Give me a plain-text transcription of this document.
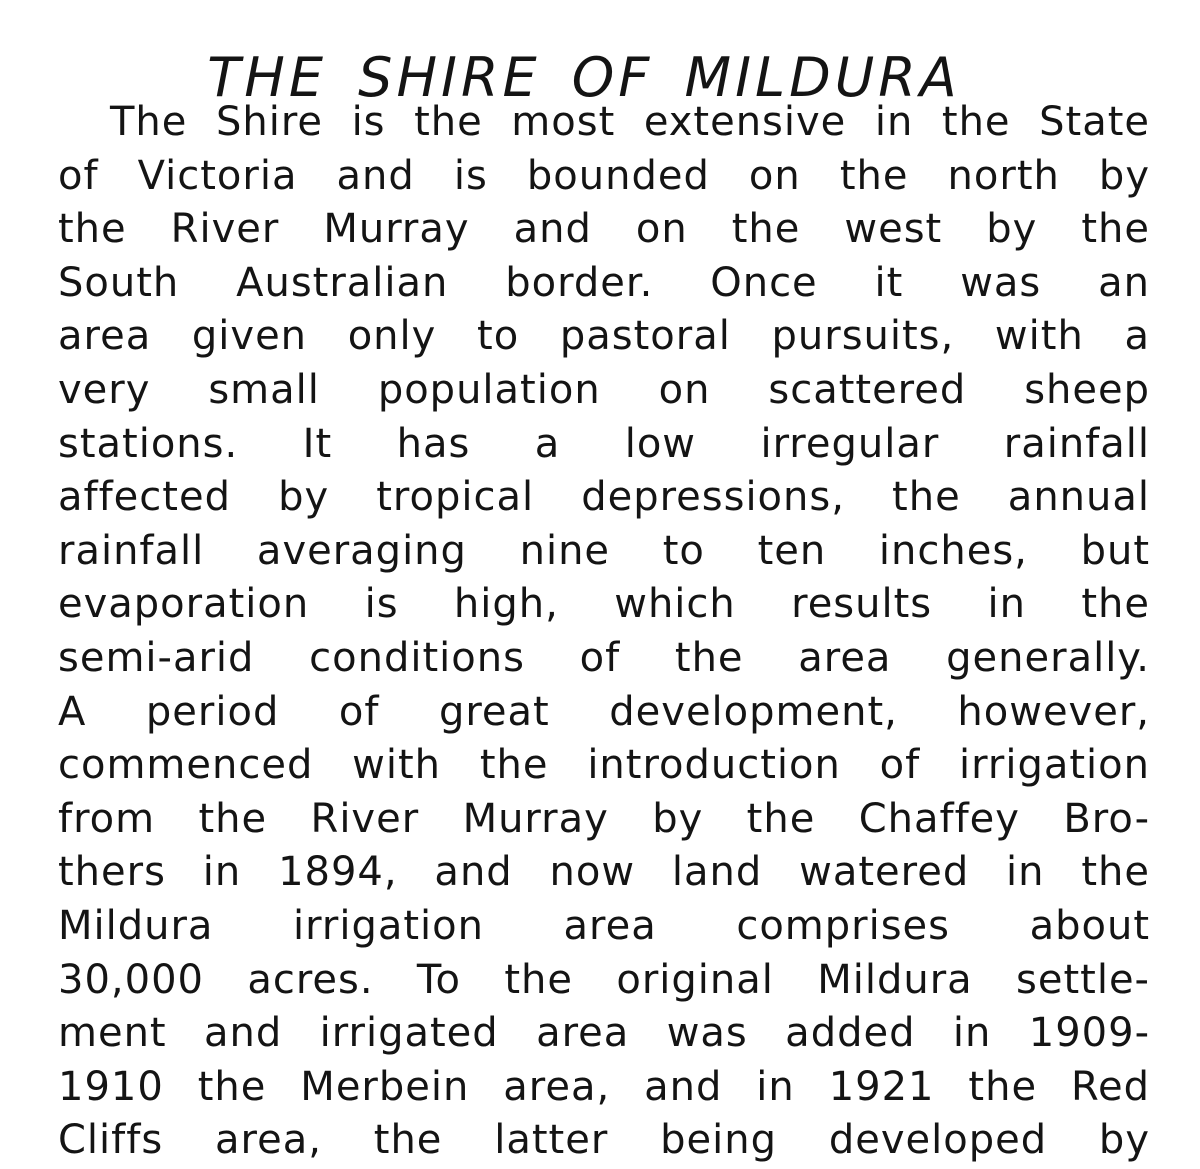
THE SHIRE OF MILDURA
The Shire is the most extensive in the State
of Victoria and is bounded on the north by
the River Murray and on the west by the
South Australian border. Once it was an
area given only to pastoral pursuits, with a
very small population on scattered sheep
stations. It has a low irregular rainfall
affected by tropical depressions, the annual
rainfall averaging nine to ten inches, but
evaporation is high, which results in the
semi-arid conditions of the area generally.
A period of great development, however,
commenced with the introduction of irrigation
from the River Murray by the Chaffey Bro-
thers in 1894, and now land watered in the
Mildura irrigation area comprises about
30,000 acres. To the original Mildura settle-
ment and irrigated area was added in 1909-
1910 the Merbein area, and in 1921 the Red
Cliffs area, the latter being developed by
